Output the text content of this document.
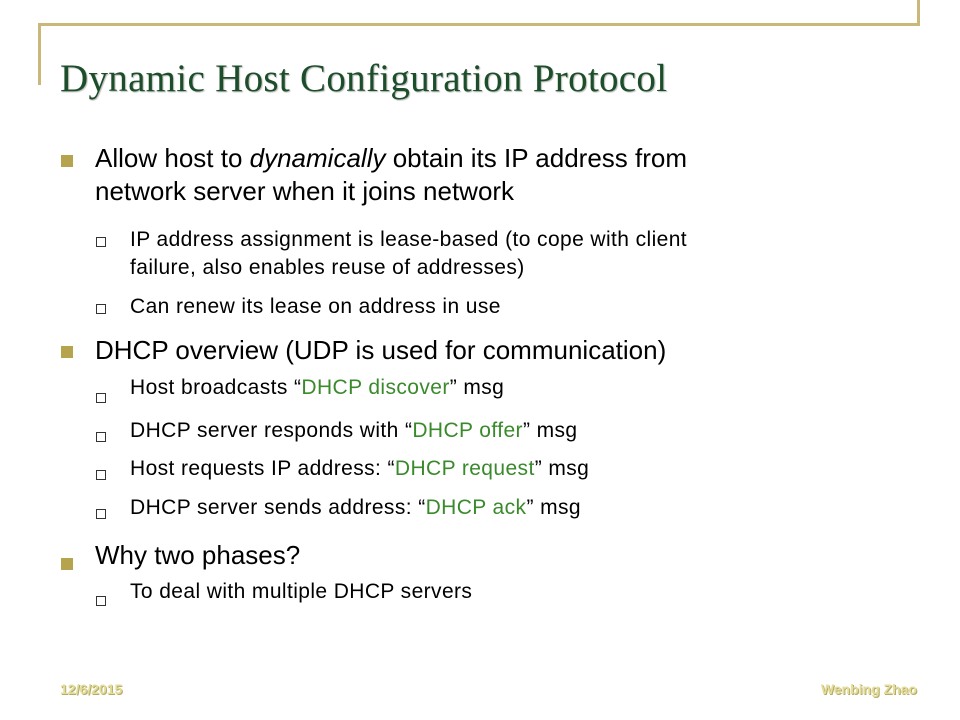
Dynamic Host Configuration Protocol

Allow host to dynamically obtain its IP address from

network server when it joins network

IP address assignment is lease-based (to cope with client

failure, also enables reuse of addresses)

Can renew its lease on address in use

DHCP overview (UDP is used for communication)

Host broadcasts “DHCP discover” msg

DHCP server responds with “DHCP offer” msg

Host requests IP address: “DHCP request” msg

DHCP server sends address: “DHCP ack” msg

Why two phases?

To deal with multiple DHCP servers

12/6/2015	Wenbing Zhao
